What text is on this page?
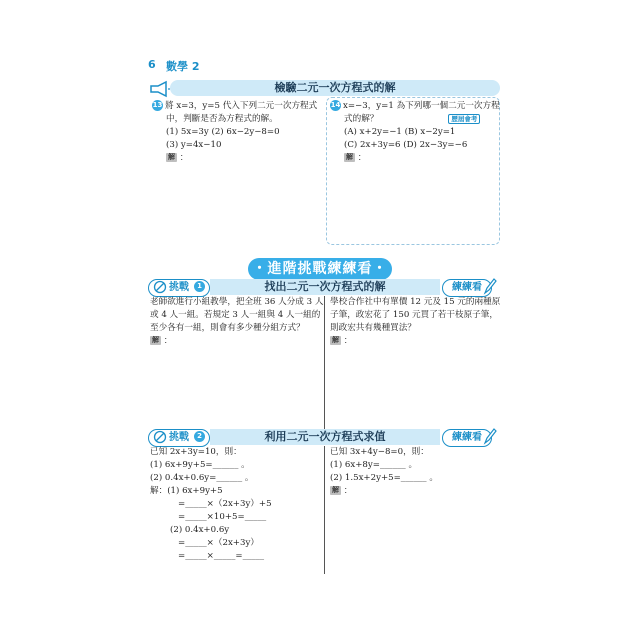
6 數學 2
檢驗二元一次方程式的解
13 將 x=3，y=5 代入下列二元一次方程式
中，判斷是否為方程式的解。
(1) 5x=3y (2) 6x−2y−8=0
(3) y=4x−10
解 ：
14 x=−3，y=1 為下列哪一個二元一次方程
式的解？	歷屆會考
(A) x+2y=−1 (B) x−2y=1
(C) 2x+3y=6 (D) 2x−3y=−6
解 ：
・進階挑戰練練看・
挑戰	1	找出二元一次方程式的解	練練看
老師欲進行小組教學，把全班 36 人分成 3 人
或 4 人一組。若規定 3 人一組與 4 人一組的
至少各有一組，則會有多少種分組方式？
解 ：
學校合作社中有單價 12 元及 15 元的兩種原
子筆，政宏花了 150 元買了若干枝原子筆，
則政宏共有幾種買法？
解 ：
挑戰	2	利用二元一次方程式求值	練練看
已知 2x+3y=10，則：
(1) 6x+9y+5=______ 。
(2) 0.4x+0.6y=______ 。
解：(1) 6x+9y+5
=_____×（2x+3y）+5
=_____×10+5=_____
(2) 0.4x+0.6y
=_____×（2x+3y）
=_____×_____=_____
已知 3x+4y−8=0，則：
(1) 6x+8y=______ 。
(2) 1.5x+2y+5=______ 。
解 ：
